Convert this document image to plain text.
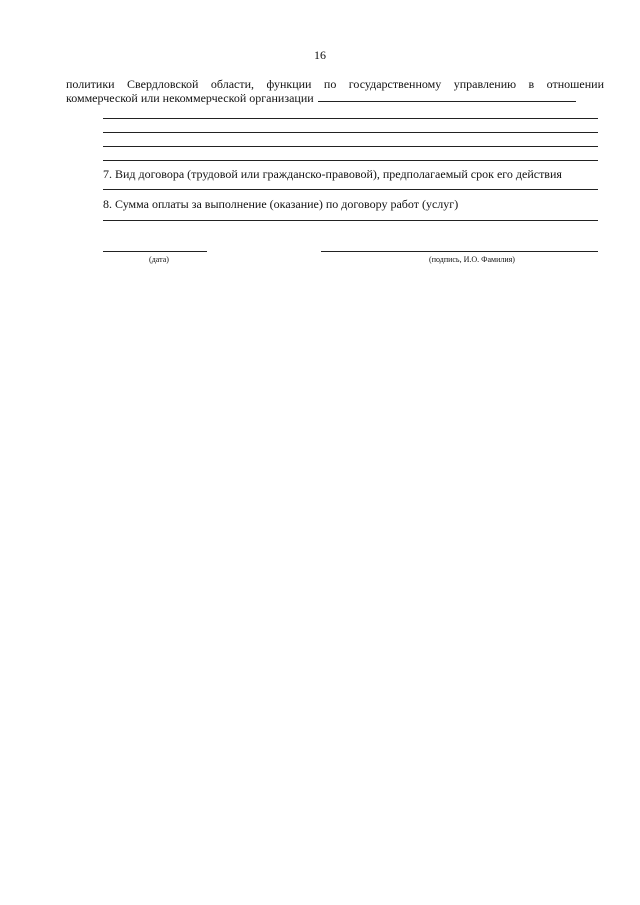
16
политики Свердловской области, функции по государственному управлению в отношении
коммерческой или некоммерческой организации
7. Вид договора (трудовой или гражданско-правовой), предполагаемый срок его действия
8. Сумма оплаты за выполнение (оказание) по договору работ (услуг)
(дата)	(подпись, И.О. Фамилия)
